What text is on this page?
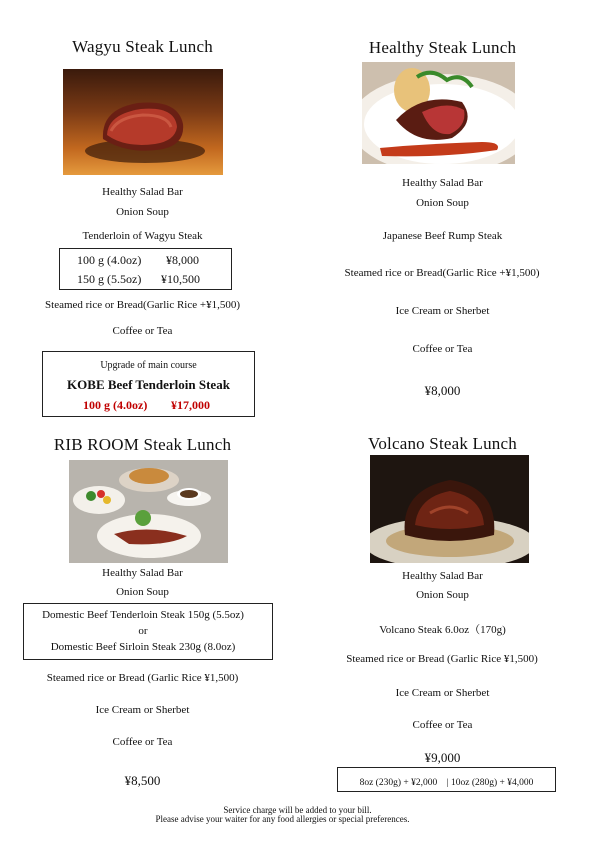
Wagyu Steak Lunch
Healthy Salad Bar
Onion Soup
Tenderloin of Wagyu Steak
100 g (4.0oz) ¥8,000
150 g (5.5oz) ¥10,500
Steamed rice or Bread(Garlic Rice +¥1,500)
Coffee or Tea
Upgrade of main course
KOBE Beef Tenderloin Steak
100 g (4.0oz) ¥17,000
Healthy Steak Lunch
Healthy Salad Bar
Onion Soup
Japanese Beef Rump Steak
Steamed rice or Bread(Garlic Rice +¥1,500)
Ice Cream or Sherbet
Coffee or Tea
¥8,000
RIB ROOM Steak Lunch
Healthy Salad Bar
Onion Soup
Domestic Beef Tenderloin Steak 150g (5.5oz)
or
Domestic Beef Sirloin Steak 230g (8.0oz)
Steamed rice or Bread (Garlic Rice ¥1,500)
Ice Cream or Sherbet
Coffee or Tea
¥8,500
Volcano Steak Lunch
Healthy Salad Bar
Onion Soup
Volcano Steak 6.0oz（170g)
Steamed rice or Bread (Garlic Rice ¥1,500)
Ice Cream or Sherbet
Coffee or Tea
¥9,000
8oz (230g) + ¥2,000　| 10oz (280g) + ¥4,000
Service charge will be added to your bill.
Please advise your waiter for any food allergies or special preferences.
